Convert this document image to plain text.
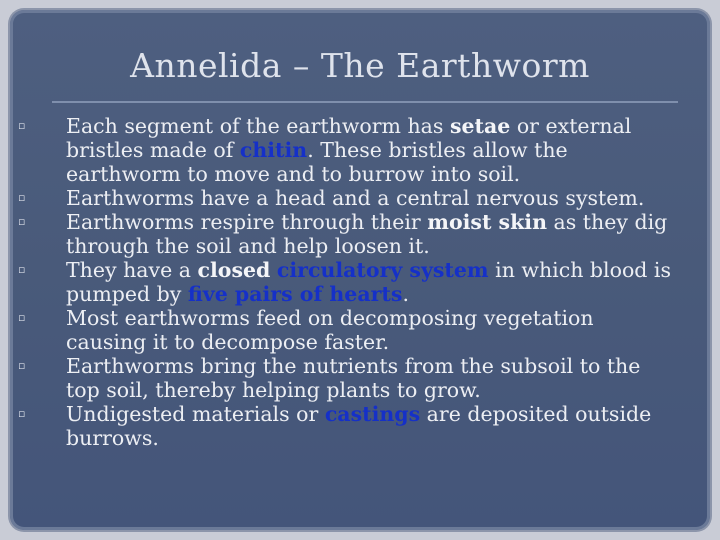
Annelida – The Earthworm
▫ Each segment of the earthworm has setae or external bristles made of chitin. These bristles allow the earthworm to move and to burrow into soil.
▫ Earthworms have a head and a central nervous system.
▫ Earthworms respire through their moist skin as they dig through the soil and help loosen it.
▫ They have a closed circulatory system in which blood is pumped by five pairs of hearts.
▫ Most earthworms feed on decomposing vegetation causing it to decompose faster.
▫ Earthworms bring the nutrients from the subsoil to the top soil, thereby helping plants to grow.
▫ Undigested materials or castings are deposited outside burrows.
